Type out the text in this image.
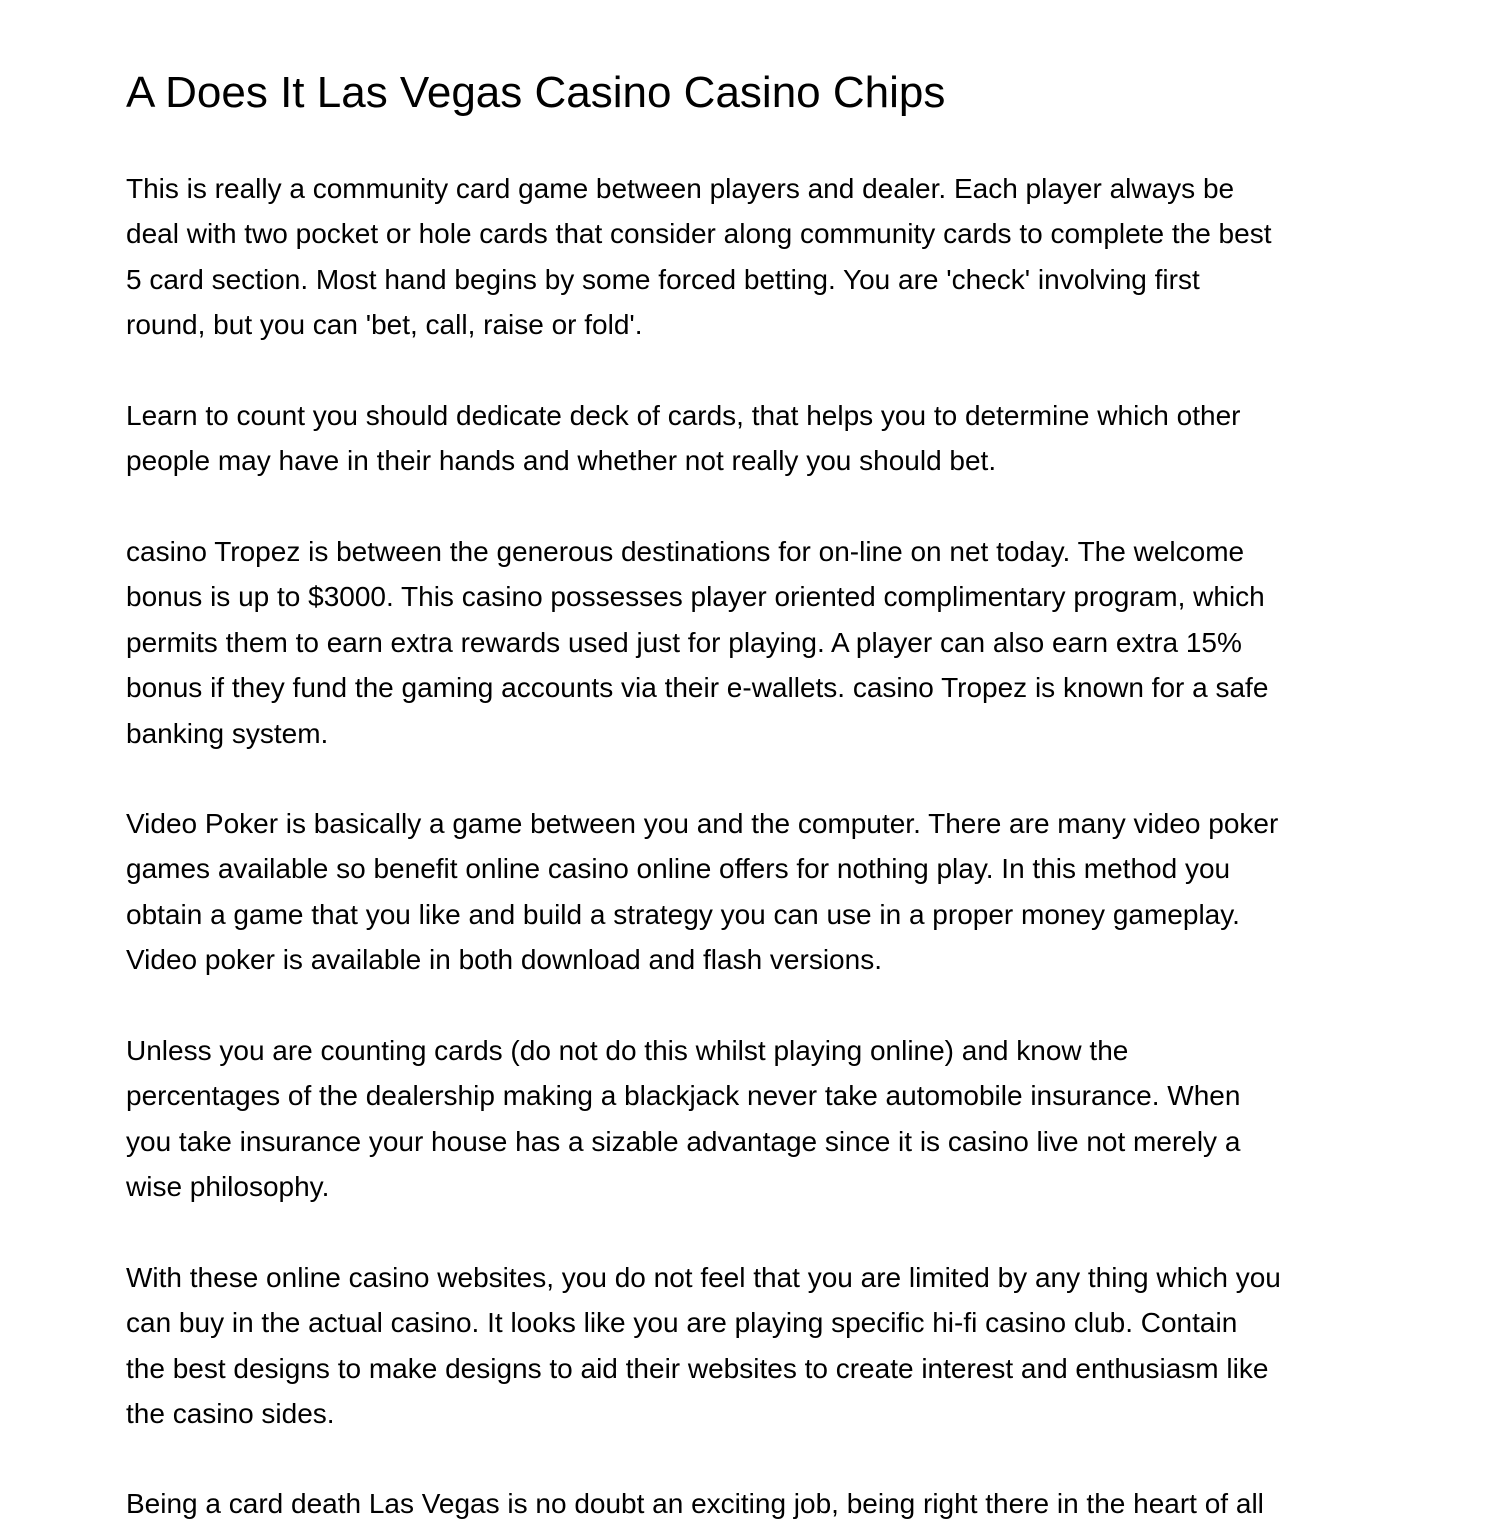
A Does It Las Vegas Casino Casino Chips

This is really a community card game between players and dealer. Each player always be
deal with two pocket or hole cards that consider along community cards to complete the best
5 card section. Most hand begins by some forced betting. You are 'check' involving first
round, but you can 'bet, call, raise or fold'.

Learn to count you should dedicate deck of cards, that helps you to determine which other
people may have in their hands and whether not really you should bet.

casino Tropez is between the generous destinations for on-line on net today. The welcome
bonus is up to $3000. This casino possesses player oriented complimentary program, which
permits them to earn extra rewards used just for playing. A player can also earn extra 15%
bonus if they fund the gaming accounts via their e-wallets. casino Tropez is known for a safe
banking system.

Video Poker is basically a game between you and the computer. There are many video poker
games available so benefit online casino online offers for nothing play. In this method you
obtain a game that you like and build a strategy you can use in a proper money gameplay.
Video poker is available in both download and flash versions.

Unless you are counting cards (do not do this whilst playing online) and know the
percentages of the dealership making a blackjack never take automobile insurance. When
you take insurance your house has a sizable advantage since it is casino live not merely a
wise philosophy.

With these online casino websites, you do not feel that you are limited by any thing which you
can buy in the actual casino. It looks like you are playing specific hi-fi casino club. Contain
the best designs to make designs to aid their websites to create interest and enthusiasm like
the casino sides.

Being a card death Las Vegas is no doubt an exciting job, being right there in the heart of all
